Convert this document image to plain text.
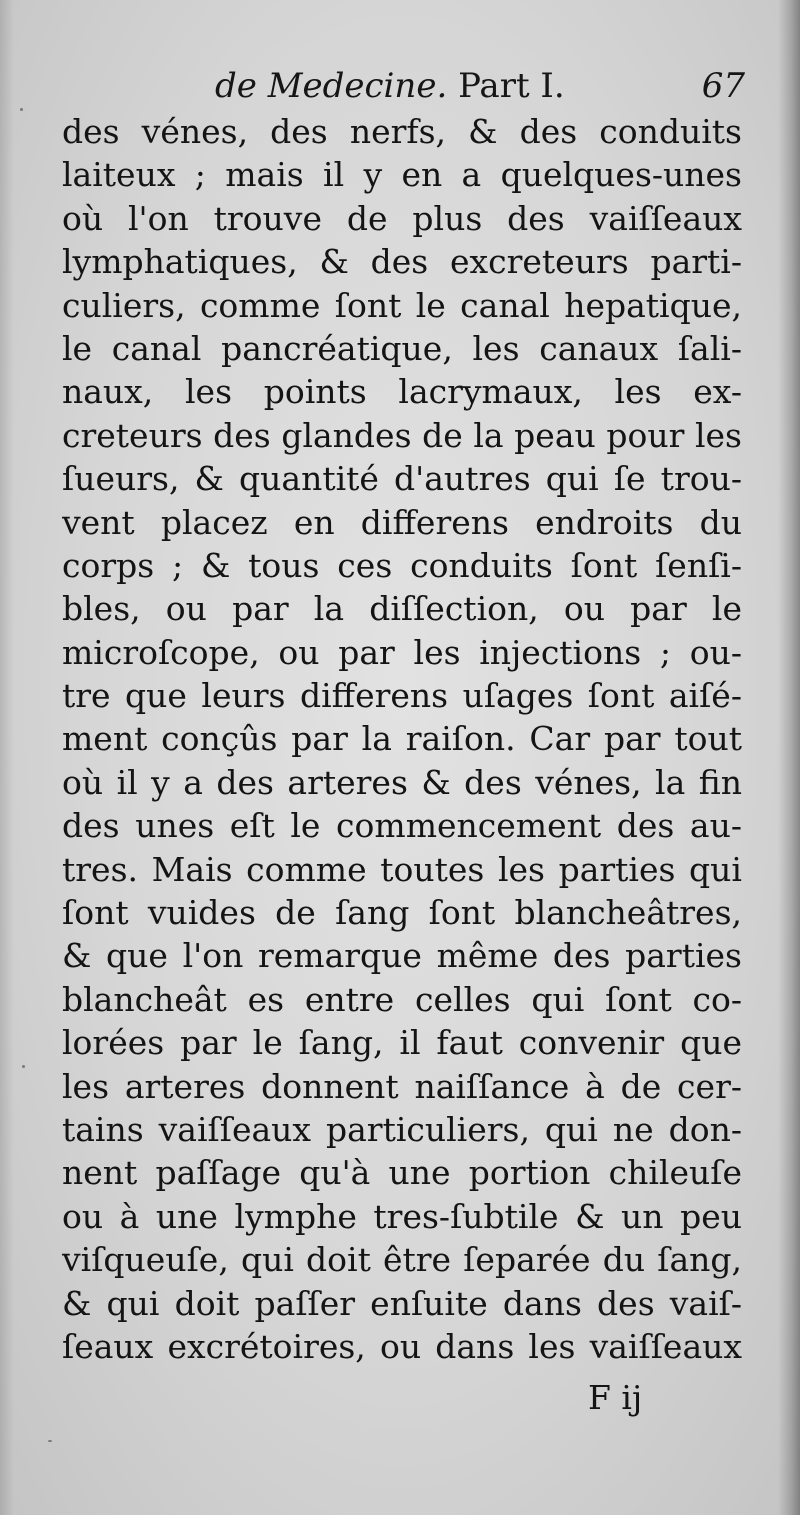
de Medecine. Part I.	67
des vénes, des nerfs, & des conduits
laiteux ; mais il y en a quelques-unes
où l'on trouve de plus des vaiſſeaux
lymphatiques, & des excreteurs parti-
culiers, comme ſont le canal hepatique,
le canal pancréatique, les canaux ſali-
naux, les points lacrymaux, les ex-
creteurs des glandes de la peau pour les
ſueurs, & quantité d'autres qui ſe trou-
vent placez en differens endroits du
corps ; & tous ces conduits ſont ſenſi-
bles, ou par la diſſection, ou par le
microſcope, ou par les injections ; ou-
tre que leurs differens uſages ſont aiſé-
ment conçûs par la raiſon. Car par tout
où il y a des arteres & des vénes, la fin
des unes eſt le commencement des au-
tres. Mais comme toutes les parties qui
ſont vuides de ſang ſont blancheâtres,
& que l'on remarque même des parties
blancheât es entre celles qui ſont co-
lorées par le ſang, il faut convenir que
les arteres donnent naiſſance à de cer-
tains vaiſſeaux particuliers, qui ne don-
nent paſſage qu'à une portion chileuſe
ou à une lymphe tres-ſubtile & un peu
viſqueuſe, qui doit être ſeparée du ſang,
& qui doit paſſer enſuite dans des vaiſ-
ſeaux excrétoires, ou dans les vaiſſeaux
F ij
